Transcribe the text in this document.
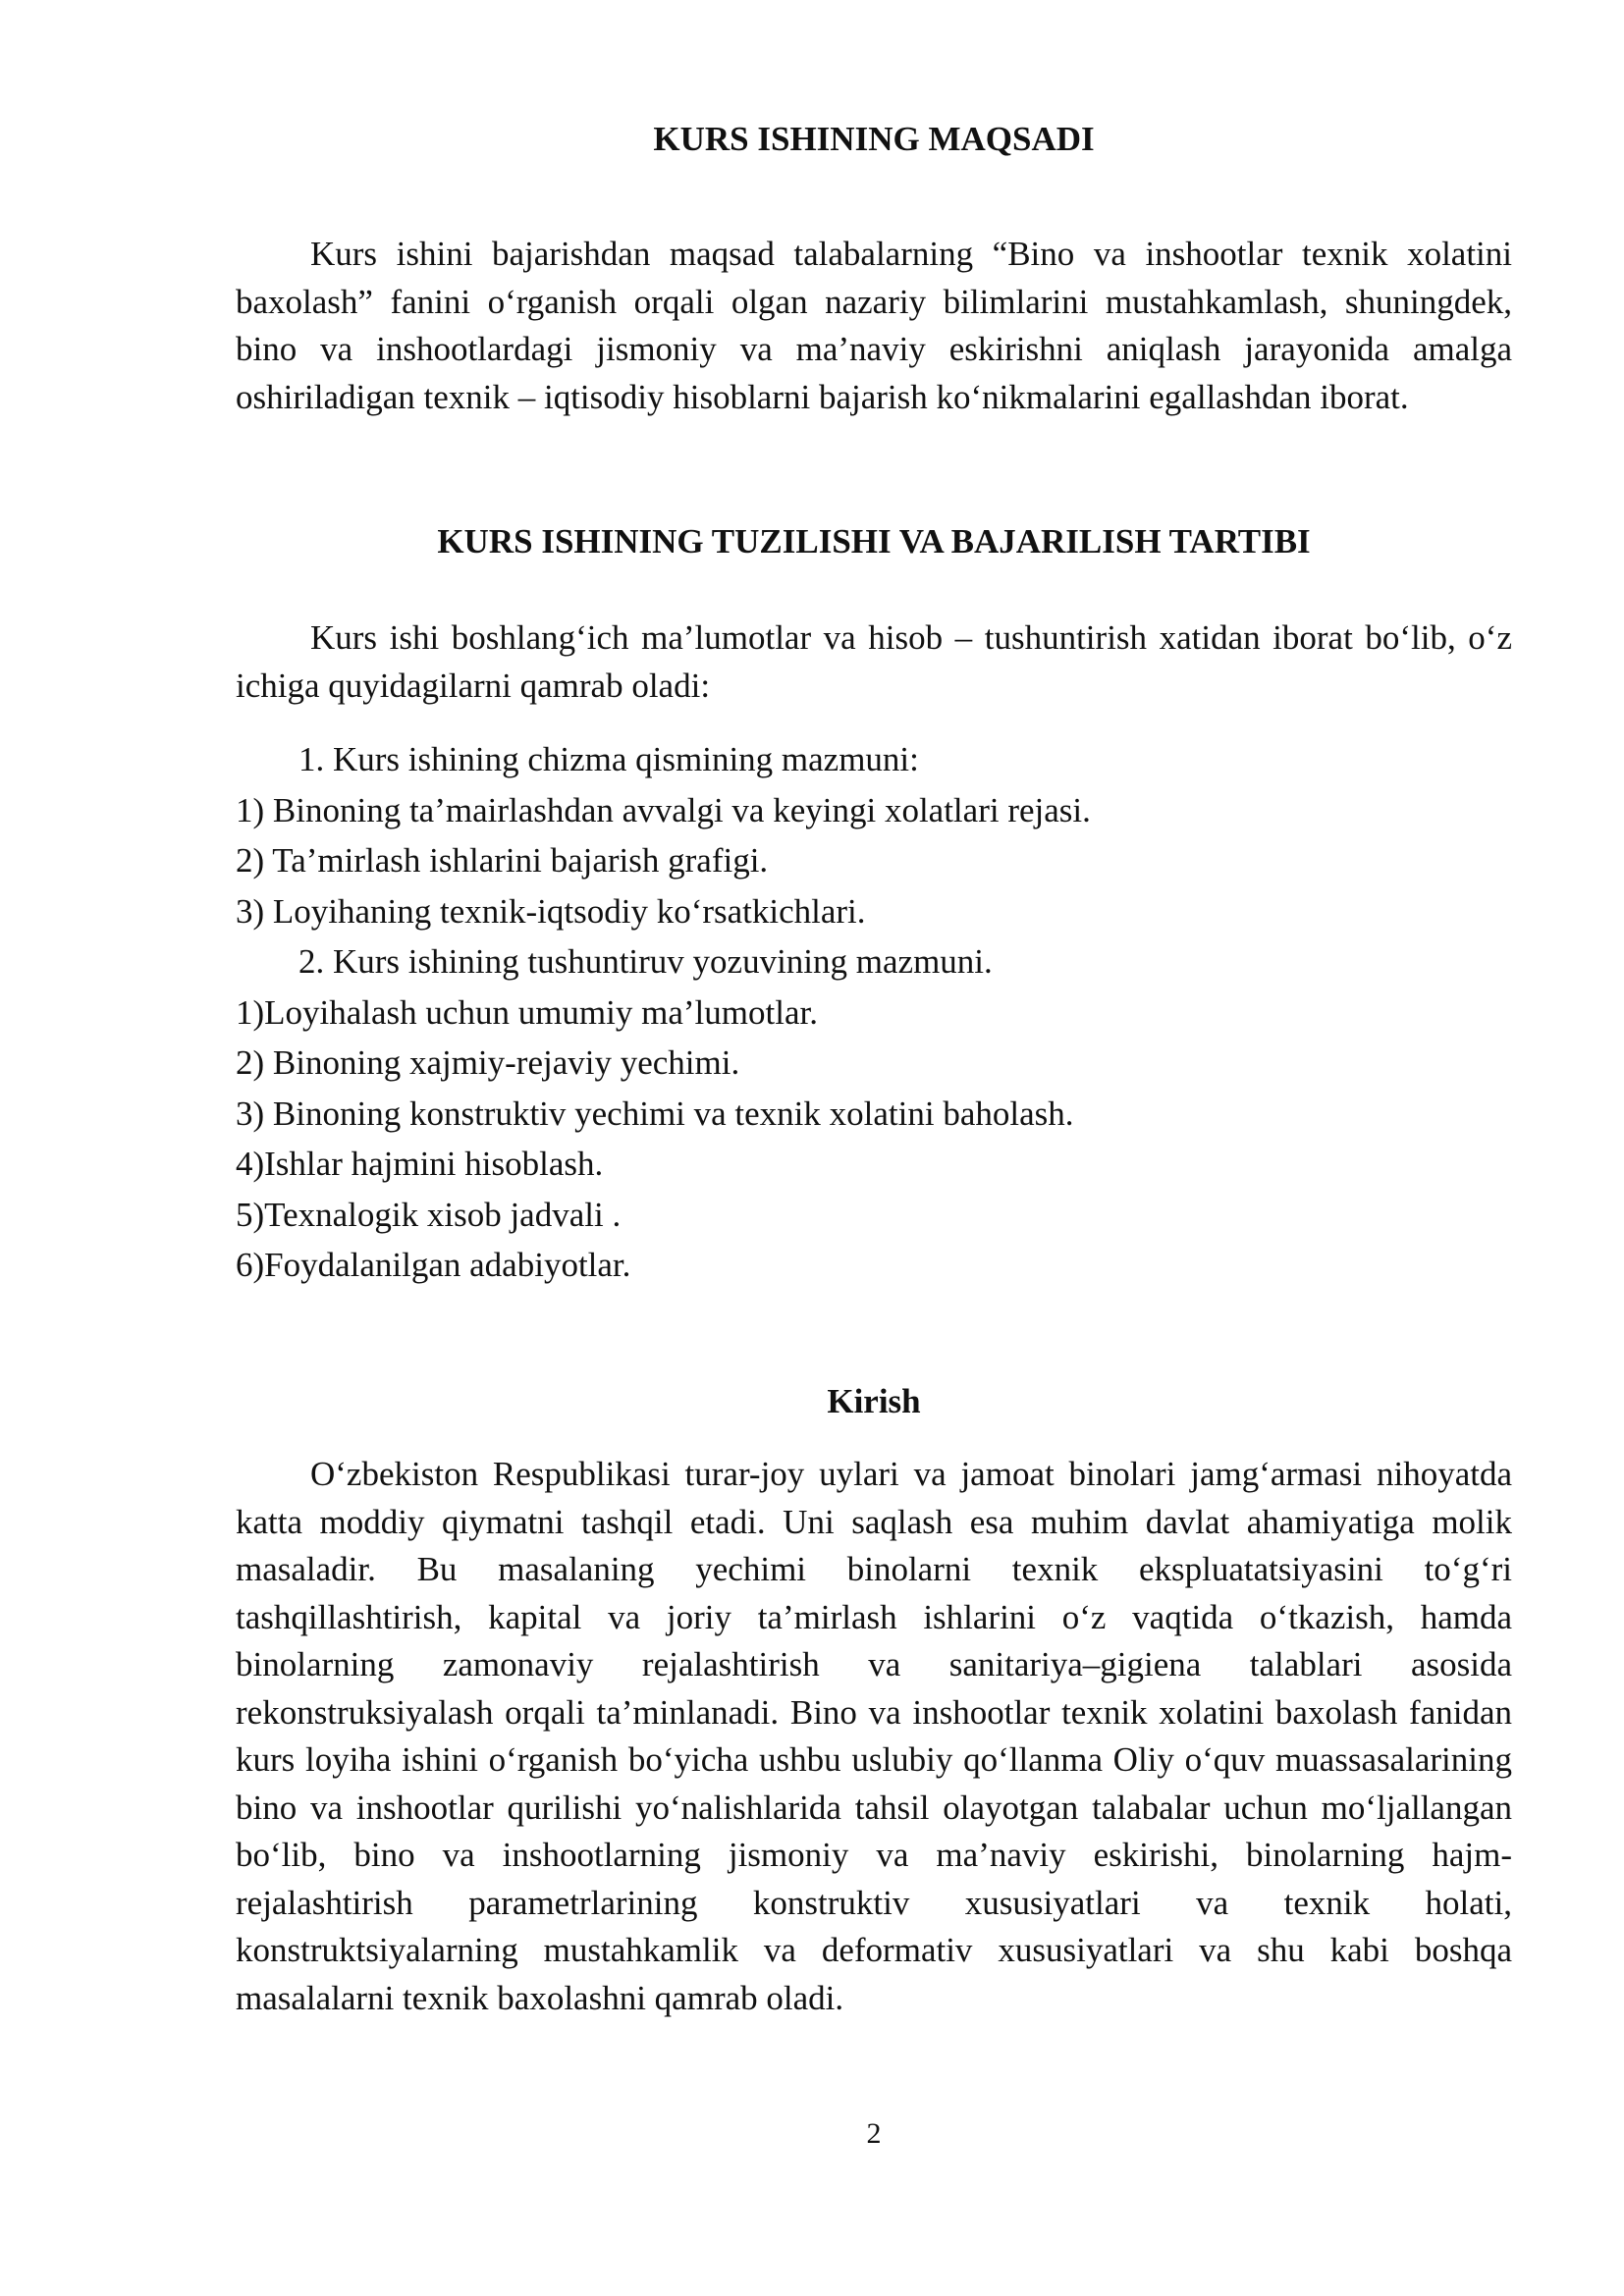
KURS ISHINING MAQSADI

Kurs ishini bajarishdan maqsad talabalarning “Bino va inshootlar texnik xolatini baxolash” fanini o‘rganish orqali olgan nazariy bilimlarini mustahkamlash, shuningdek, bino va inshootlardagi jismoniy va ma’naviy eskirishni aniqlash jarayonida amalga oshiriladigan texnik – iqtisodiy hisoblarni bajarish ko‘nikmalarini egallashdan iborat.

KURS ISHINING TUZILISHI VA BAJARILISH TARTIBI

Kurs ishi boshlang‘ich ma’lumotlar va hisob – tushuntirish xatidan iborat bo‘lib, o‘z ichiga quyidagilarni qamrab oladi:

1. Kurs ishining chizma qismining mazmuni:
1) Binoning ta’mairlashdan avvalgi va keyingi xolatlari rejasi.
2) Ta’mirlash ishlarini bajarish grafigi.
3) Loyihaning texnik-iqtsodiy ko‘rsatkichlari.
2. Kurs ishining tushuntiruv yozuvining mazmuni.
1)Loyihalash uchun umumiy ma’lumotlar.
2) Binoning xajmiy-rejaviy yechimi.
3) Binoning konstruktiv yechimi va texnik xolatini baholash.
4)Ishlar hajmini hisoblash.
5)Texnalogik xisob jadvali .
6)Foydalanilgan adabiyotlar.
Kirish

O‘zbekiston Respublikasi turar-joy uylari va jamoat binolari jamg‘armasi nihoyatda katta moddiy qiymatni tashqil etadi. Uni saqlash esa muhim davlat ahamiyatiga molik masaladir. Bu masalaning yechimi binolarni texnik ekspluatatsiyasini to‘g‘ri tashqillashtirish, kapital va joriy ta’mirlash ishlarini o‘z vaqtida o‘tkazish, hamda binolarning zamonaviy rejalashtirish va sanitariya–gigiena talablari asosida rekonstruksiyalash orqali ta’minlanadi. Bino va inshootlar texnik xolatini baxolash fanidan kurs loyiha ishini o‘rganish bo‘yicha ushbu uslubiy qo‘llanma Oliy o‘quv muassasalarining bino va inshootlar qurilishi yo‘nalishlarida tahsil olayotgan talabalar uchun mo‘ljallangan bo‘lib, bino va inshootlarning jismoniy va ma’naviy eskirishi, binolarning hajm-rejalashtirish parametrlarining konstruktiv xususiyatlari va texnik holati, konstruktsiyalarning mustahkamlik va deformativ xususiyatlari va shu kabi boshqa masalalarni texnik baxolashni qamrab oladi.

2
